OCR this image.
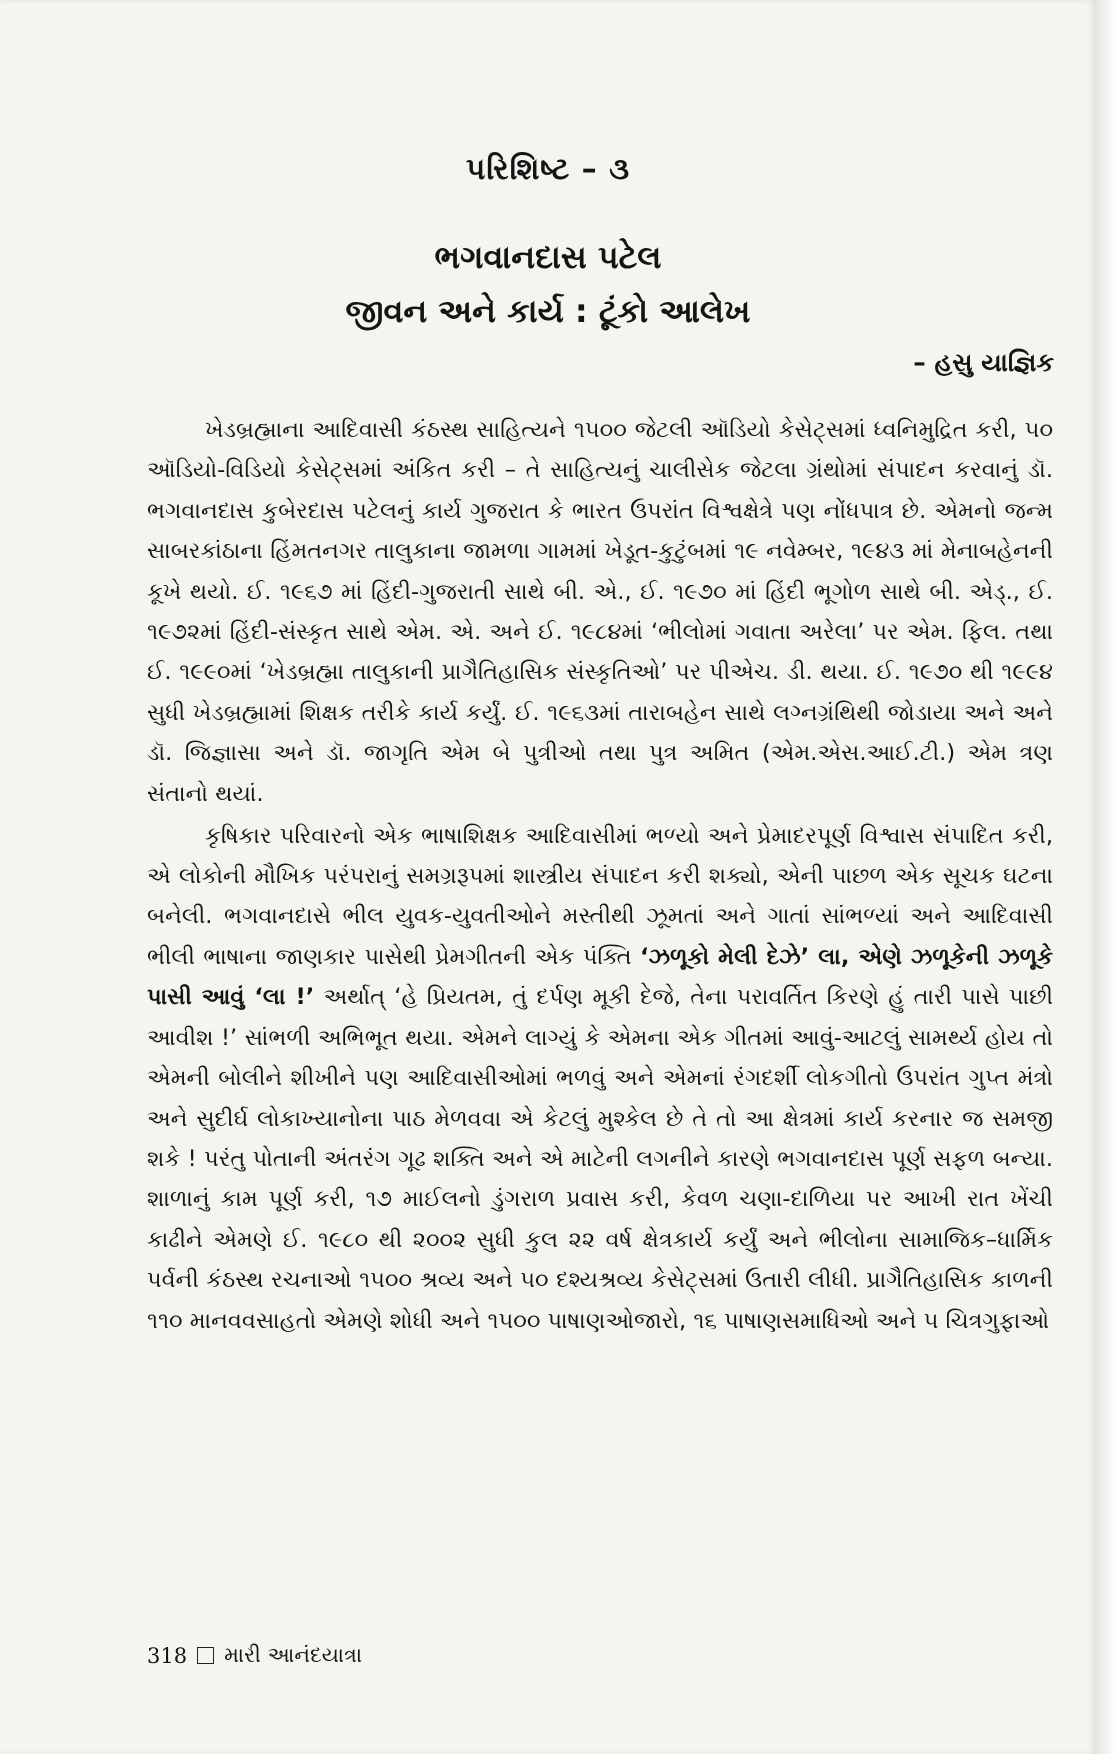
પરિશિષ્ટ – ૩
ભગવાનદાસ પટેલ
જીવન અને કાર્ય : ટૂંકો આલેખ
– હસુ યાજ્ઞિક

ખેડબ્રહ્માના આદિવાસી કંઠસ્થ સાહિત્યને ૧૫૦૦ જેટલી ઑડિયો કેસેટ્સમાં ધ્વનિમુદ્રિત કરી, ૫૦ ઑડિયો-વિડિયો કેસેટ્સમાં અંકિત કરી – તે સાહિત્યનું ચાલીસેક જેટલા ગ્રંથોમાં સંપાદન કરવાનું ડૉ. ભગવાનદાસ કુબેરદાસ પટેલનું કાર્ય ગુજરાત કે ભારત ઉપરાંત વિશ્વક્ષેત્રે પણ નોંધપાત્ર છે. એમનો જન્મ સાબરકાંઠાના હિંમતનગર તાલુકાના જામળા ગામમાં ખેડૂત-કુટુંબમાં ૧૯ નવેમ્બર, ૧૯૪૩ માં મેનાબહેનની કૂખે થયો. ઈ. ૧૯૬૭ માં હિંદી-ગુજરાતી સાથે બી. એ., ઈ. ૧૯૭૦ માં હિંદી ભૂગોળ સાથે બી. એડ્., ઈ. ૧૯૭૨માં હિંદી-સંસ્કૃત સાથે એમ. એ. અને ઈ. ૧૯૮૪માં ‘ભીલોમાં ગવાતા અરેલા’ પર એમ. ફિલ. તથા ઈ. ૧૯૯૦માં ‘ખેડબ્રહ્મા તાલુકાની પ્રાગૈતિહાસિક સંસ્કૃતિઓ’ પર પીએચ. ડી. થયા. ઈ. ૧૯૭૦ થી ૧૯૯૪ સુધી ખેડબ્રહ્મામાં શિક્ષક તરીકે કાર્ય કર્યું. ઈ. ૧૯૬૩માં તારાબહેન સાથે લગ્નગ્રંથિથી જોડાયા અને અને ડૉ. જિજ્ઞાસા અને ડૉ. જાગૃતિ એમ બે પુત્રીઓ તથા પુત્ર અમિત (એમ.એસ.આઈ.ટી.) એમ ત્રણ સંતાનો થયાં.

કૃષિકાર પરિવારનો એક ભાષાશિક્ષક આદિવાસીમાં ભળ્યો અને પ્રેમાદરપૂર્ણ વિશ્વાસ સંપાદિત કરી, એ લોકોની મૌખિક પરંપરાનું સમગ્રરૂપમાં શાસ્ત્રીય સંપાદન કરી શક્યો, એની પાછળ એક સૂચક ઘટના બનેલી. ભગવાનદાસે ભીલ યુવક-યુવતીઓને મસ્તીથી ઝૂમતાં અને ગાતાં સાંભળ્યાં અને આદિવાસી ભીલી ભાષાના જાણકાર પાસેથી પ્રેમગીતની એક પંક્તિ ‘ઝળૂકો મેલી દેઝે’ લા, એણે ઝળૂકેની ઝળૂકે પાસી આવું ‘લા !’ અર્થાત્ ‘હે પ્રિયતમ, તું દર્પણ મૂકી દેજે, તેના પરાવર્તિત કિરણે હું તારી પાસે પાછી આવીશ !’ સાંભળી અભિભૂત થયા. એમને લાગ્યું કે એમના એક ગીતમાં આવું-આટલું સામર્થ્ય હોય તો એમની બોલીને શીખીને પણ આદિવાસીઓમાં ભળવું અને એમનાં રંગદર્શી લોકગીતો ઉપરાંત ગુપ્ત મંત્રો અને સુદીર્ઘ લોકાખ્યાનોના પાઠ મેળવવા એ કેટલું મુશ્કેલ છે તે તો આ ક્ષેત્રમાં કાર્ય કરનાર જ સમજી શકે ! પરંતુ પોતાની અંતરંગ ગૂઢ શક્તિ અને એ માટેની લગનીને કારણે ભગવાનદાસ પૂર્ણ સફળ બન્યા. શાળાનું કામ પૂર્ણ કરી, ૧૭ માઈલનો ડુંગરાળ પ્રવાસ કરી, કેવળ ચણા-દાળિયા પર આખી રાત ખેંચી કાઢીને એમણે ઈ. ૧૯૮૦ થી ૨૦૦૨ સુધી કુલ ૨૨ વર્ષ ક્ષેત્રકાર્ય કર્યું અને ભીલોના સામાજિક–ધાર્મિક પર્વની કંઠસ્થ રચનાઓ ૧૫૦૦ શ્રવ્ય અને ૫૦ દશ્યશ્રવ્ય કેસેટ્સમાં ઉતારી લીધી. પ્રાગૈતિહાસિક કાળની ૧૧૦ માનવવસાહતો એમણે શોધી અને ૧૫૦૦ પાષાણઓજારો, ૧૬ પાષાણસમાધિઓ અને ૫ ચિત્રગુફાઓ

318 મારી આનંદયાત્રા
